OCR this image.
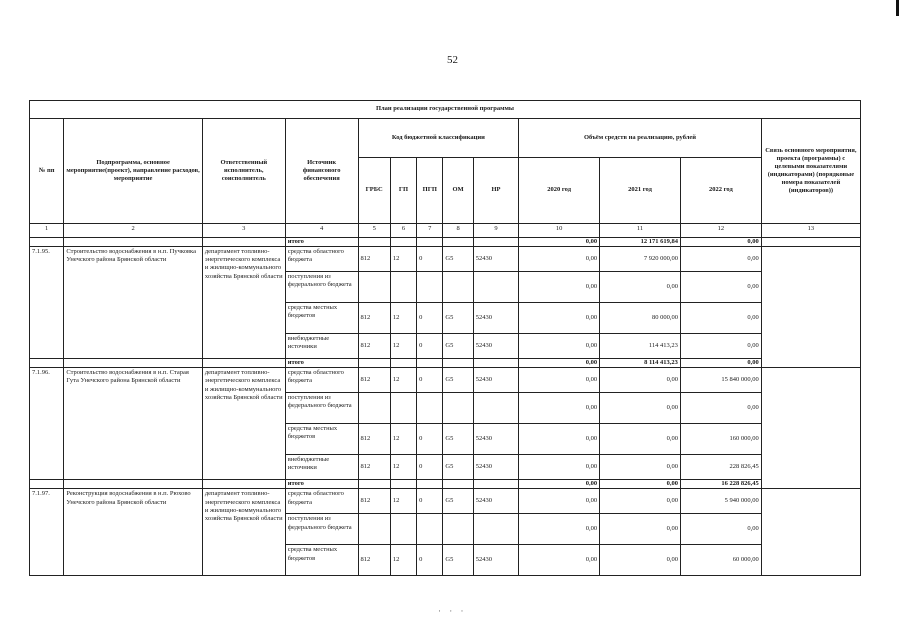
52
План реализации государственной программы												
№ пп	Подпрограмма, основное мероприятие(проект), направление расходов, мероприятие	Ответственный исполнитель, соисполнитель	Источник финансового обеспечения	Код бюджетной классификации					Объём средств на реализацию, рублей			Связь основного мероприятия, проекта (программы) с целевыми показателями (индикаторами) (порядковые номера показателей (индикаторов))
				ГРБС	ГП	ПГП	ОМ	НР	2020 год	2021 год	2022 год	
1	2	3	4	5	6	7	8	9	10	11	12	13
			итого						0,00	12 171 619,84	0,00	
7.1.95.	Строительство водоснабжения в н.п. Пучковка Унечского района Брянской области	департамент топливно-энергетического комплекса и жилищно-коммунального хозяйства Брянской области	средства областного бюджета	812	12	0	G5	52430	0,00	7 920 000,00	0,00	
			поступления из федерального бюджета						0,00	0,00	0,00	
			средства местных бюджетов	812	12	0	G5	52430	0,00	80 000,00	0,00	
			внебюджетные источники	812	12	0	G5	52430	0,00	114 413,23	0,00	
			итого						0,00	8 114 413,23	0,00	
7.1.96.	Строительство водоснабжения в н.п. Старая Гута Унечского района Брянской области	департамент топливно-энергетического комплекса и жилищно-коммунального хозяйства Брянской области	средства областного бюджета	812	12	0	G5	52430	0,00	0,00	15 840 000,00	
			поступления из федерального бюджета						0,00	0,00	0,00	
			средства местных бюджетов	812	12	0	G5	52430	0,00	0,00	160 000,00	
			внебюджетные источники	812	12	0	G5	52430	0,00	0,00	228 826,45	
			итого						0,00	0,00	16 228 826,45	
7.1.97.	Реконструкция водоснабжения в н.п. Рюхово Унечского района Брянской области	департамент топливно-энергетического комплекса и жилищно-коммунального хозяйства Брянской области	средства областного бюджета	812	12	0	G5	52430	0,00	0,00	5 940 000,00	
			поступления из федерального бюджета						0,00	0,00	0,00	
			средства местных бюджетов	812	12	0	G5	52430	0,00	0,00	60 000,00	
· · ·
